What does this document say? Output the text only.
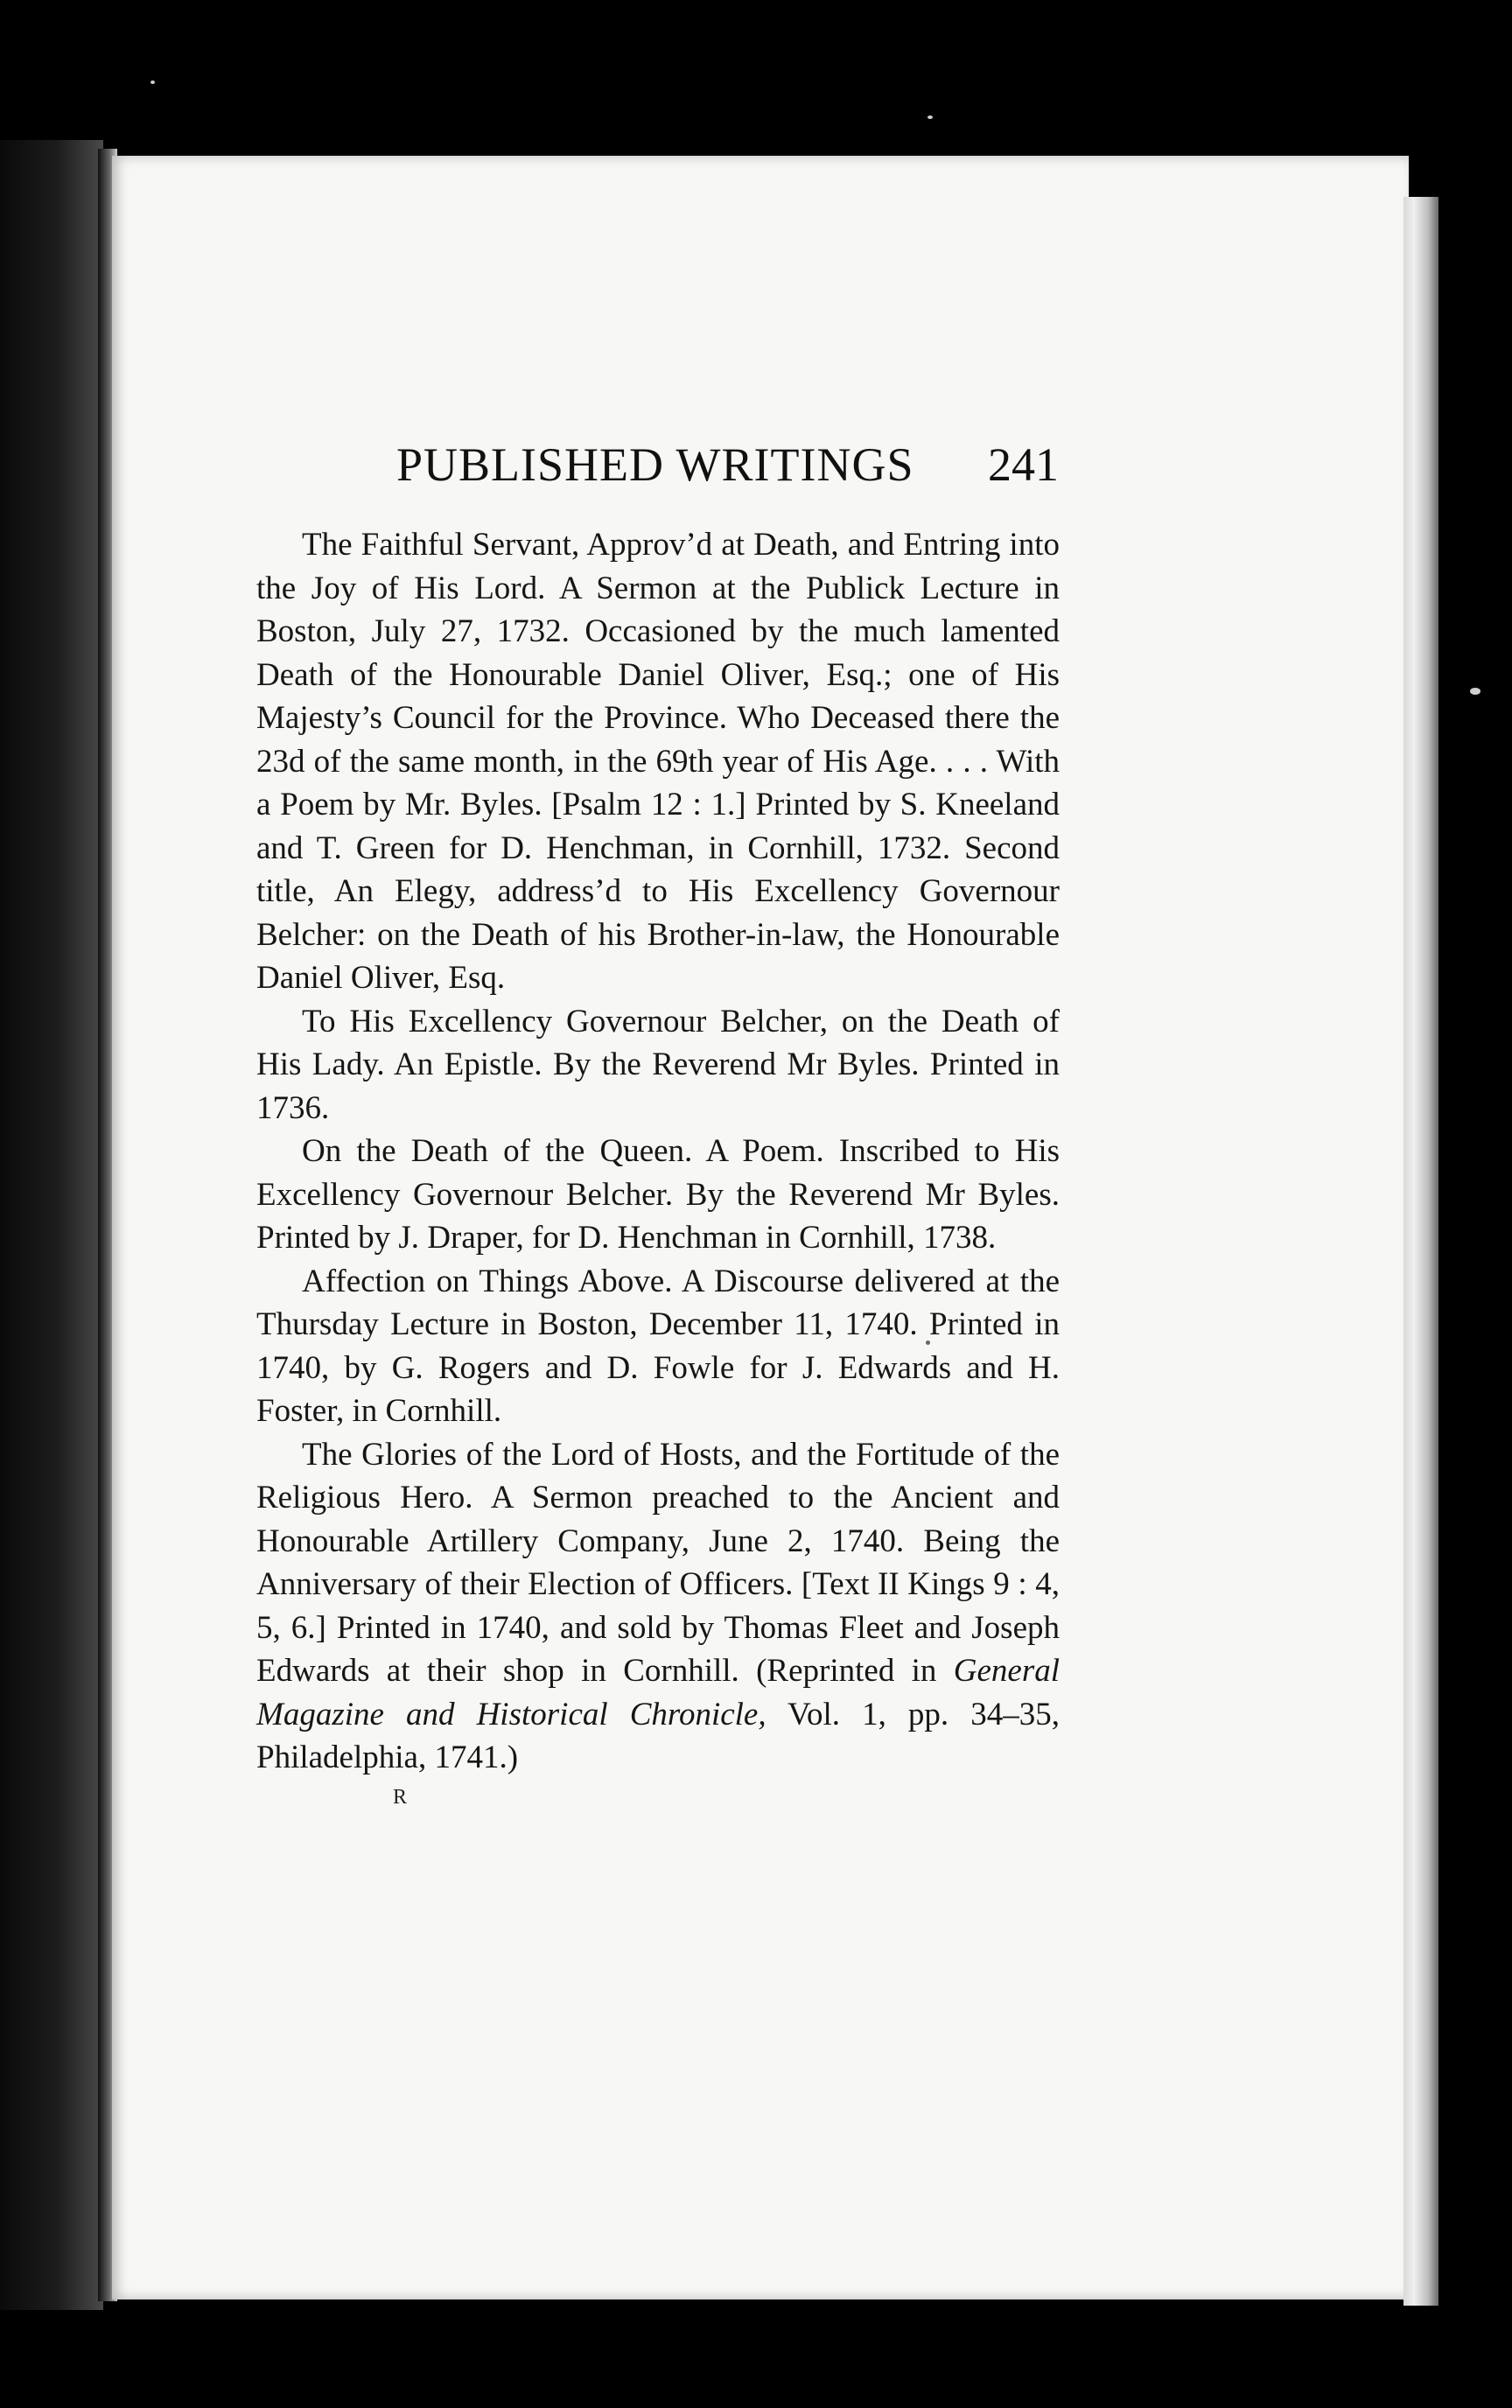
PUBLISHED WRITINGS 241

The Faithful Servant, Approv’d at Death, and Entring into the Joy of His Lord. A Sermon at the Publick Lecture in Boston, July 27, 1732. Occasioned by the much lamented Death of the Honourable Daniel Oliver, Esq.; one of His Majesty’s Council for the Province. Who Deceased there the 23d of the same month, in the 69th year of His Age. . . . With a Poem by Mr. Byles. [Psalm 12 : 1.] Printed by S. Kneeland and T. Green for D. Henchman, in Cornhill, 1732. Second title, An Elegy, address’d to His Excellency Governour Belcher: on the Death of his Brother-in-law, the Honourable Daniel Oliver, Esq.

To His Excellency Governour Belcher, on the Death of His Lady. An Epistle. By the Reverend Mr Byles. Printed in 1736.

On the Death of the Queen. A Poem. Inscribed to His Excellency Governour Belcher. By the Reverend Mr Byles. Printed by J. Draper, for D. Henchman in Cornhill, 1738.

Affection on Things Above. A Discourse delivered at the Thursday Lecture in Boston, December 11, 1740. Printed in 1740, by G. Rogers and D. Fowle for J. Edwards and H. Foster, in Cornhill.

The Glories of the Lord of Hosts, and the Fortitude of the Religious Hero. A Sermon preached to the Ancient and Honourable Artillery Company, June 2, 1740. Being the Anniversary of their Election of Officers. [Text II Kings 9 : 4, 5, 6.] Printed in 1740, and sold by Thomas Fleet and Joseph Edwards at their shop in Cornhill. (Reprinted in General Magazine and Historical Chronicle, Vol. 1, pp. 34–35, Philadelphia, 1741.)

R
